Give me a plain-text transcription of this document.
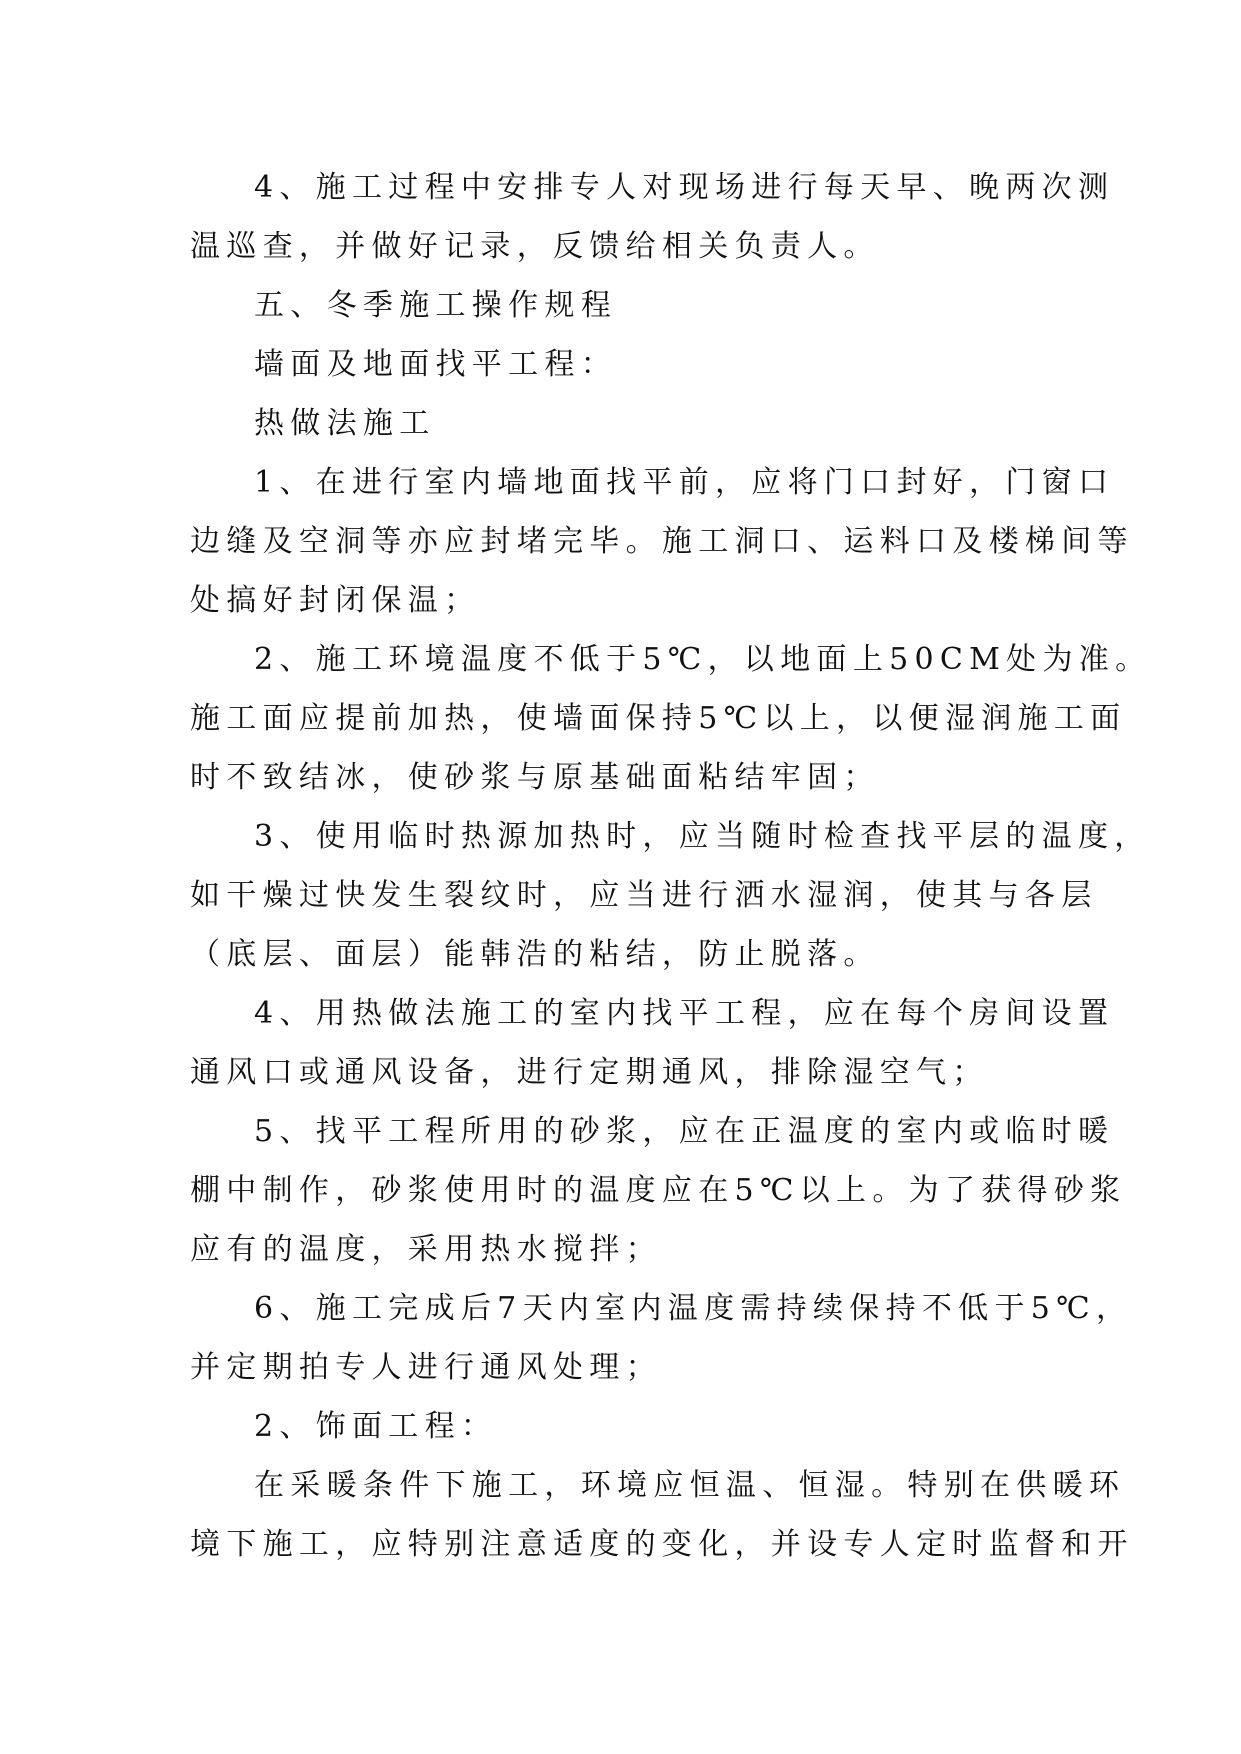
4、施工过程中安排专人对现场进行每天早、晚两次测
温巡查，并做好记录，反馈给相关负责人。
五、冬季施工操作规程
墙面及地面找平工程：
热做法施工
1、在进行室内墙地面找平前，应将门口封好，门窗口
边缝及空洞等亦应封堵完毕。施工洞口、运料口及楼梯间等
处搞好封闭保温；
2、施工环境温度不低于5℃，以地面上50CM处为准。
施工面应提前加热，使墙面保持5℃以上，以便湿润施工面
时不致结冰，使砂浆与原基础面粘结牢固；
3、使用临时热源加热时，应当随时检查找平层的温度，
如干燥过快发生裂纹时，应当进行洒水湿润，使其与各层
（底层、面层）能韩浩的粘结，防止脱落。
4、用热做法施工的室内找平工程，应在每个房间设置
通风口或通风设备，进行定期通风，排除湿空气；
5、找平工程所用的砂浆，应在正温度的室内或临时暖
棚中制作，砂浆使用时的温度应在5℃以上。为了获得砂浆
应有的温度，采用热水搅拌；
6、施工完成后7天内室内温度需持续保持不低于5℃，
并定期拍专人进行通风处理；
2、饰面工程：
在采暖条件下施工，环境应恒温、恒湿。特别在供暖环
境下施工，应特别注意适度的变化，并设专人定时监督和开
